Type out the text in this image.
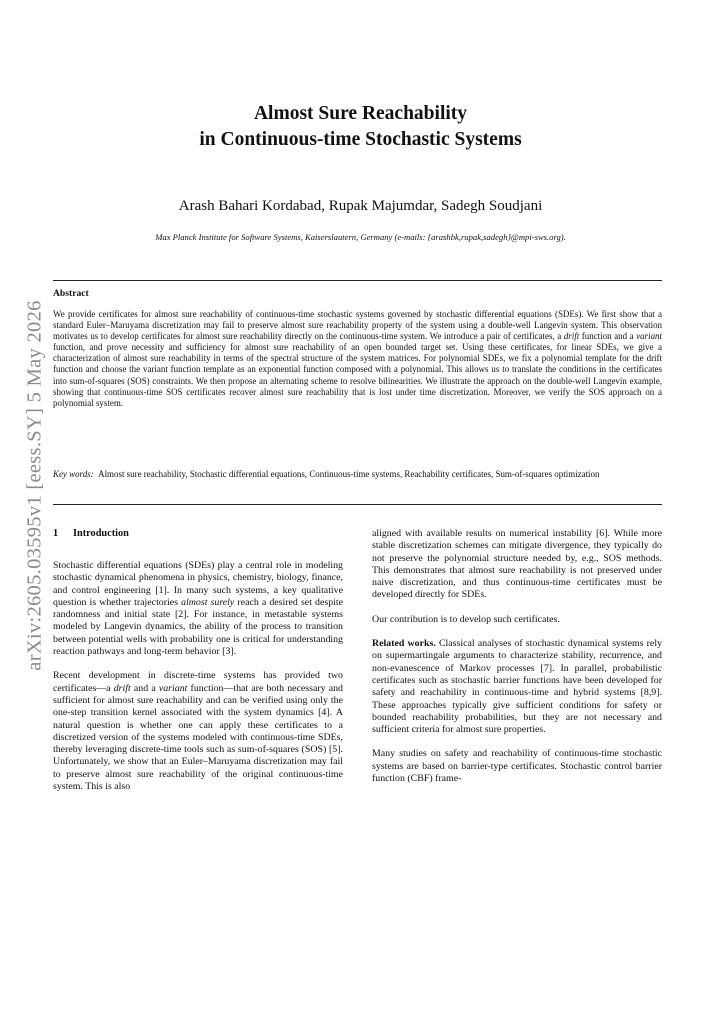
arXiv:2605.03595v1 [eess.SY] 5 May 2026
Almost Sure Reachability
in Continuous-time Stochastic Systems
Arash Bahari Kordabad, Rupak Majumdar, Sadegh Soudjani
Max Planck Institute for Software Systems, Kaiserslautern, Germany (e-mails: {arashbk,rupak,sadegh}@mpi-sws.org).
Abstract
We provide certificates for almost sure reachability of continuous-time stochastic systems governed by stochastic differential equations (SDEs). We first show that a standard Euler–Maruyama discretization may fail to preserve almost sure reachability property of the system using a double-well Langevin system. This observation motivates us to develop certificates for almost sure reachability directly on the continuous-time system. We introduce a pair of certificates, a drift function and a variant function, and prove necessity and sufficiency for almost sure reachability of an open bounded target set. Using these certificates, for linear SDEs, we give a characterization of almost sure reachability in terms of the spectral structure of the system matrices. For polynomial SDEs, we fix a polynomial template for the drift function and choose the variant function template as an exponential function composed with a polynomial. This allows us to translate the conditions in the certificates into sum-of-squares (SOS) constraints. We then propose an alternating scheme to resolve bilinearities. We illustrate the approach on the double-well Langevin example, showing that continuous-time SOS certificates recover almost sure reachability that is lost under time discretization. Moreover, we verify the SOS approach on a polynomial system.
Key words: Almost sure reachability, Stochastic differential equations, Continuous-time systems, Reachability certificates, Sum-of-squares optimization
1 Introduction

Stochastic differential equations (SDEs) play a central role in modeling stochastic dynamical phenomena in physics, chemistry, biology, finance, and control engineering [1]. In many such systems, a key qualitative question is whether trajectories almost surely reach a desired set despite randomness and initial state [2]. For instance, in metastable systems modeled by Langevin dynamics, the ability of the process to transition between potential wells with probability one is critical for understanding reaction pathways and long-term behavior [3].

Recent development in discrete-time systems has provided two certificates—a drift and a variant function—that are both necessary and sufficient for almost sure reachability and can be verified using only the one-step transition kernel associated with the system dynamics [4]. A natural question is whether one can apply these certificates to a discretized version of the systems modeled with continuous-time SDEs, thereby leveraging discrete-time tools such as sum-of-squares (SOS) [5]. Unfortunately, we show that an Euler–Maruyama discretization may fail to preserve almost sure reachability of the original continuous-time system. This is also

aligned with available results on numerical instability [6]. While more stable discretization schemes can mitigate divergence, they typically do not preserve the polynomial structure needed by, e.g., SOS methods. This demonstrates that almost sure reachability is not preserved under naive discretization, and thus continuous-time certificates must be developed directly for SDEs.

Our contribution is to develop such certificates.

Related works. Classical analyses of stochastic dynamical systems rely on supermartingale arguments to characterize stability, recurrence, and non-evanescence of Markov processes [7]. In parallel, probabilistic certificates such as stochastic barrier functions have been developed for safety and reachability in continuous-time and hybrid systems [8,9]. These approaches typically give sufficient conditions for safety or bounded reachability probabilities, but they are not necessary and sufficient criteria for almost sure properties.

Many studies on safety and reachability of continuous-time stochastic systems are based on barrier-type certificates. Stochastic control barrier function (CBF) frame-
